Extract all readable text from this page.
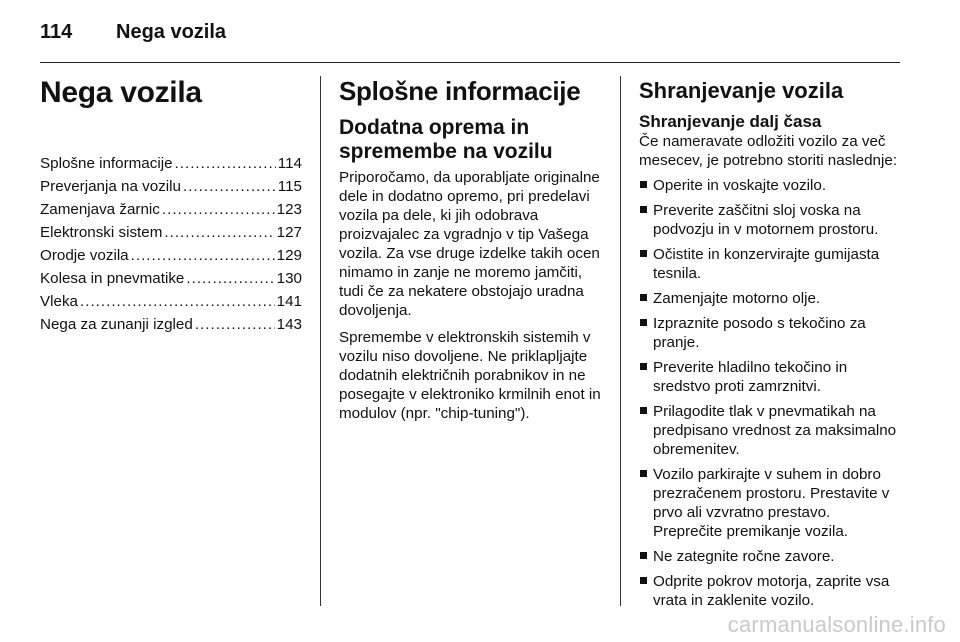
114	Nega vozila
Nega vozila
Splošne informacije .....	114
Preverjanja na vozilu .....	115
Zamenjava žarnic .....	123
Elektronski sistem .....	127
Orodje vozila .....	129
Kolesa in pnevmatike .....	130
Vleka .....	141
Nega za zunanji izgled .....	143
Splošne informacije
Dodatna oprema in spremembe na vozilu

Priporočamo, da uporabljate originalne dele in dodatno opremo, pri predelavi vozila pa dele, ki jih odobrava proizvajalec za vgradnjo v tip Vašega vozila. Za vse druge izdelke takih ocen nimamo in zanje ne moremo jamčiti, tudi če za nekatere obstojajo uradna dovoljenja.

Spremembe v elektronskih sistemih v vozilu niso dovoljene. Ne priklapljajte dodatnih električnih porabnikov in ne posegajte v elektroniko krmilnih enot in modulov (npr. "chip-tuning").

Shranjevanje vozila
Shranjevanje dalj časa

Če nameravate odložiti vozilo za več mesecev, je potrebno storiti naslednje:

Operite in voskajte vozilo.
Preverite zaščitni sloj voska na podvozju in v motornem prostoru.
Očistite in konzervirajte gumijasta tesnila.
Zamenjajte motorno olje.
Izpraznite posodo s tekočino za pranje.
Preverite hladilno tekočino in sredstvo proti zamrznitvi.
Prilagodite tlak v pnevmatikah na predpisano vrednost za maksimalno obremenitev.
Vozilo parkirajte v suhem in dobro prezračenem prostoru. Prestavite v prvo ali vzvratno prestavo. Preprečite premikanje vozila.
Ne zategnite ročne zavore.
Odprite pokrov motorja, zaprite vsa vrata in zaklenite vozilo.
carmanualsonline.info
